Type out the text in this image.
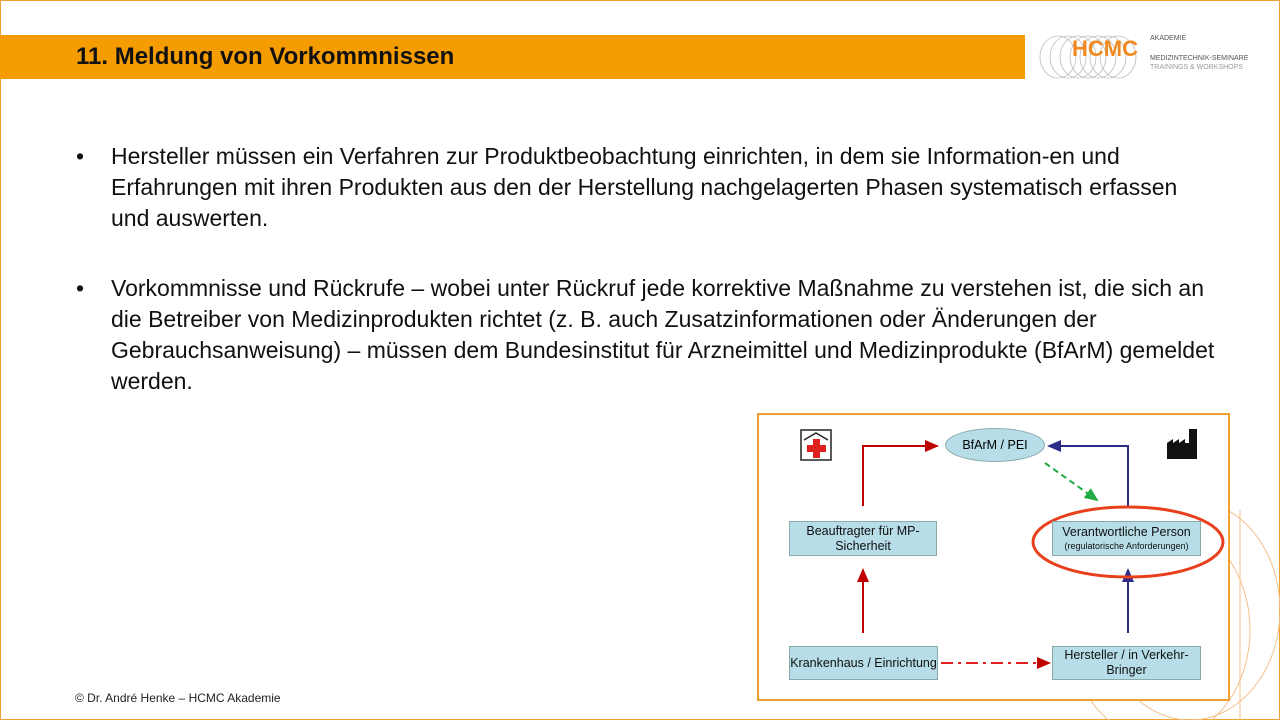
11. Meldung von Vorkommnissen	HCMC AKADEMIE
MEDIZINTECHNIK-SEMINARE
TRAININGS & WORKSHOPS
• Hersteller müssen ein Verfahren zur Produktbeobachtung einrichten, in dem sie Information-en und Erfahrungen mit ihren Produkten aus den der Herstellung nachgelagerten Phasen systematisch erfassen und auswerten.
• Vorkommnisse und Rückrufe – wobei unter Rückruf jede korrektive Maßnahme zu verstehen ist, die sich an die Betreiber von Medizinprodukten richtet (z. B. auch Zusatzinformationen oder Änderungen der Gebrauchsanweisung) – müssen dem Bundesinstitut für Arzneimittel und Medizinprodukte (BfArM) gemeldet werden.
BfArM / PEI
Beauftragter für MP-Sicherheit
Verantwortliche Person
(regulatorische Anforderungen)
Krankenhaus / Einrichtung
Hersteller / in Verkehr-Bringer
© Dr. André Henke – HCMC Akademie
